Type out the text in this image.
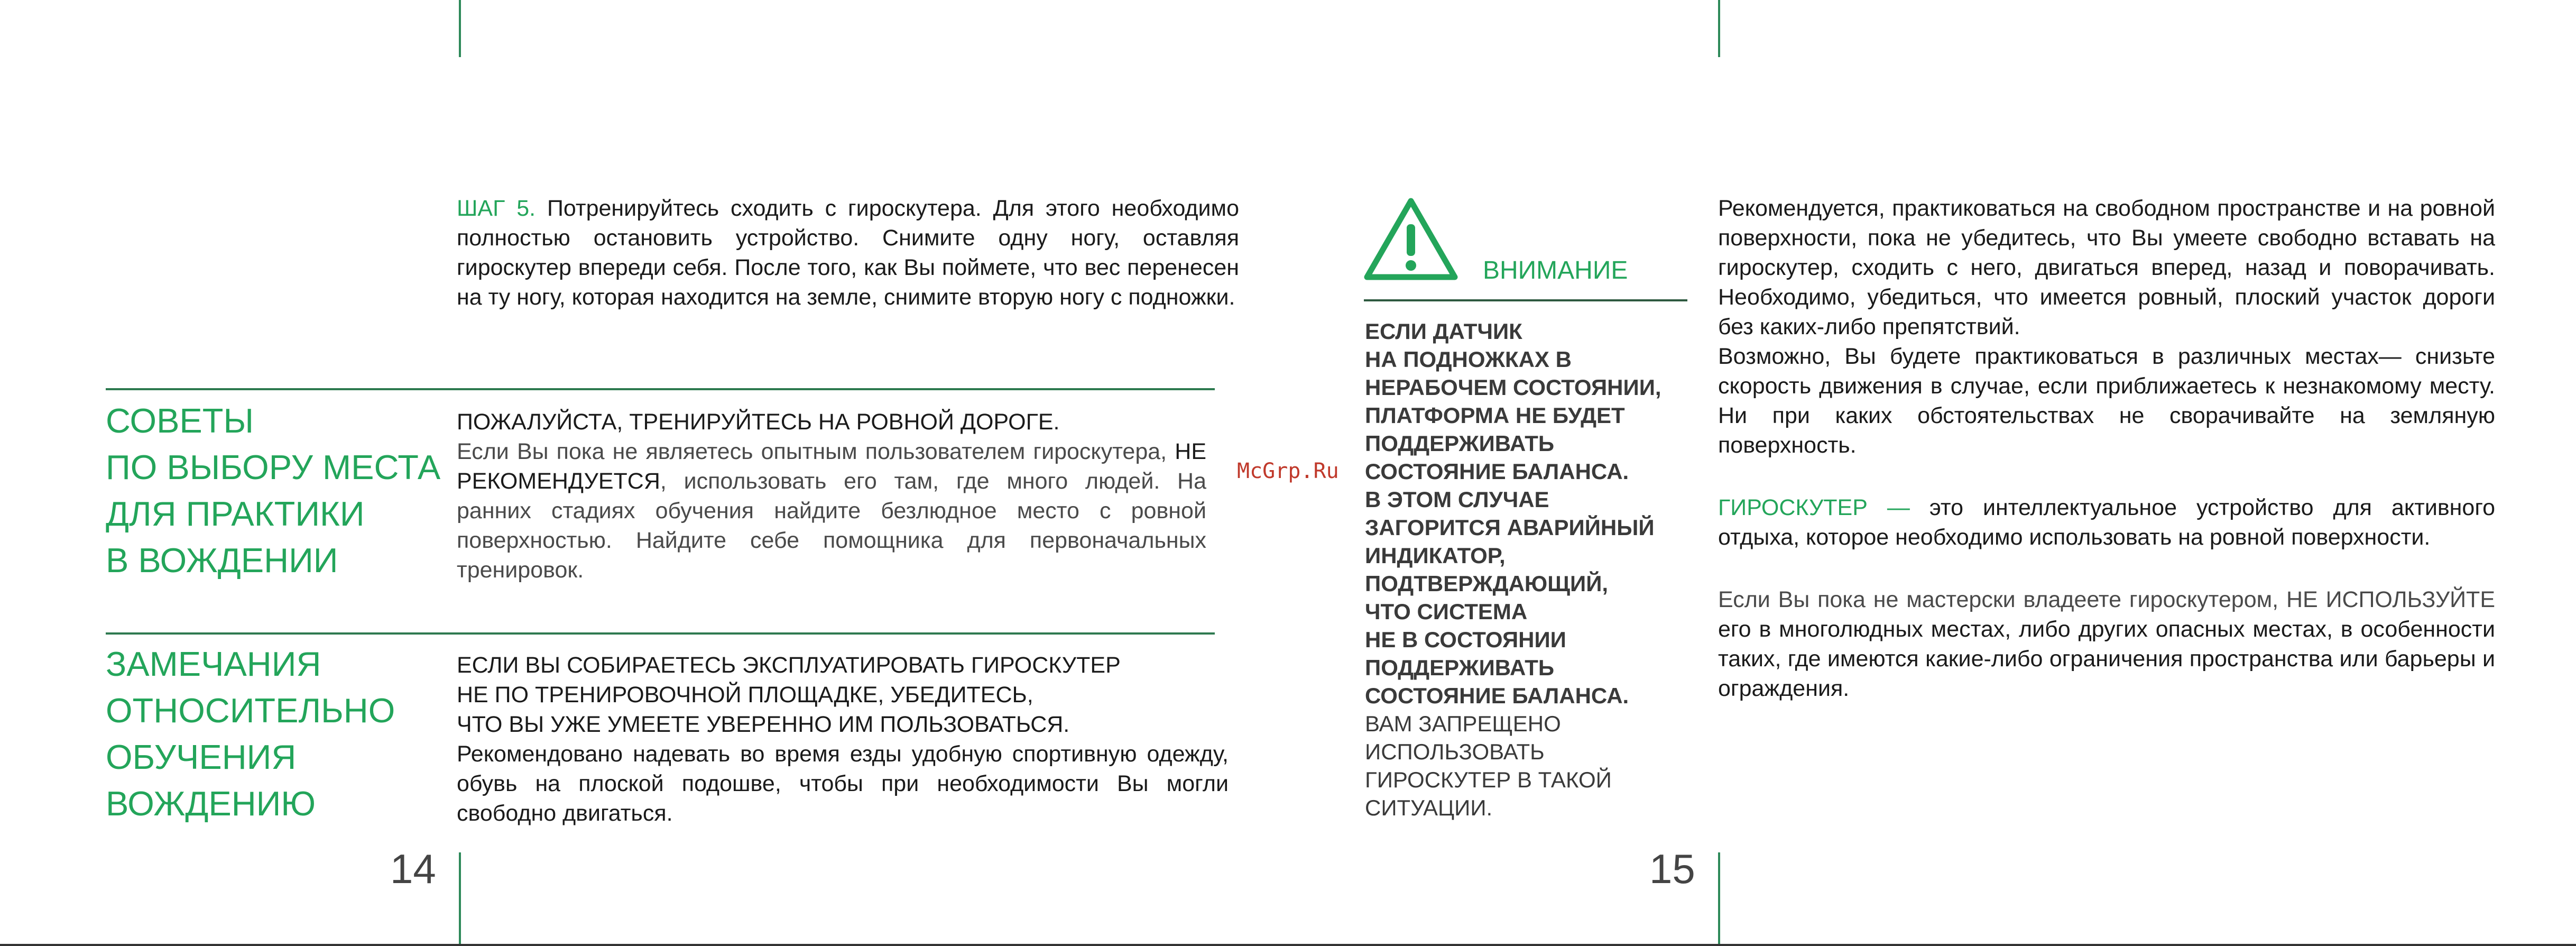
ШАГ 5. Потренируйтесь сходить с гироскутера. Для этого необходимо полностью остановить устройство. Снимите одну ногу, оставляя гироскутер впереди себя. После того, как Вы поймете, что вес перенесен на ту ногу, которая находится на земле, снимите вторую ногу с подножки.
СОВЕТЫ
ПО ВЫБОРУ МЕСТА
ДЛЯ ПРАКТИКИ
В ВОЖДЕНИИ
ПОЖАЛУЙСТА, ТРЕНИРУЙТЕСЬ НА РОВНОЙ ДОРОГЕ.
Если Вы пока не являетесь опытным пользователем гироскутера, НЕ РЕКОМЕНДУЕТСЯ, использовать его там, где много людей. На ранних стадиях обучения найдите безлюдное место с ровной поверхностью. Найдите себе помощника для первоначальных тренировок.
McGrp.Ru
ЗАМЕЧАНИЯ
ОТНОСИТЕЛЬНО
ОБУЧЕНИЯ
ВОЖДЕНИЮ
ЕСЛИ ВЫ СОБИРАЕТЕСЬ ЭКСПЛУАТИРОВАТЬ ГИРОСКУТЕР
НЕ ПО ТРЕНИРОВОЧНОЙ ПЛОЩАДКЕ, УБЕДИТЕСЬ,
ЧТО ВЫ УЖЕ УМЕЕТЕ УВЕРЕННО ИМ ПОЛЬЗОВАТЬСЯ.
Рекомендовано надевать во время езды удобную спортивную одежду, обувь на плоской подошве, чтобы при необходимости Вы могли свободно двигаться.
14	15
ВНИМАНИЕ
ЕСЛИ ДАТЧИК
НА ПОДНОЖКАХ В
НЕРАБОЧЕМ СОСТОЯНИИ,
ПЛАТФОРМА НЕ БУДЕТ
ПОДДЕРЖИВАТЬ
СОСТОЯНИЕ БАЛАНСА.
В ЭТОМ СЛУЧАЕ
ЗАГОРИТСЯ АВАРИЙНЫЙ
ИНДИКАТОР,
ПОДТВЕРЖДАЮЩИЙ,
ЧТО СИСТЕМА
НЕ В СОСТОЯНИИ
ПОДДЕРЖИВАТЬ
СОСТОЯНИЕ БАЛАНСА.
ВАМ ЗАПРЕЩЕНО
ИСПОЛЬЗОВАТЬ
ГИРОСКУТЕР В ТАКОЙ
СИТУАЦИИ.
Рекомендуется, практиковаться на свободном пространстве и на ровной поверхности, пока не убедитесь, что Вы умеете свободно вставать на гироскутер, сходить с него, двигаться вперед, назад и поворачивать. Необходимо, убедиться, что имеется ровный, плоский участок дороги без каких-либо препятствий.
Возможно, Вы будете практиковаться в различных местах— снизьте скорость движения в случае, если приближаетесь к незнакомому месту. Ни при каких обстоятельствах не сворачивайте на земляную поверхность.
ГИРОСКУТЕР — это интеллектуальное устройство для активного отдыха, которое необходимо использовать на ровной поверхности.
Если Вы пока не мастерски владеете гироскутером, НЕ ИСПОЛЬЗУЙТЕ его в многолюдных местах, либо других опасных местах, в особенности таких, где имеются какие-либо ограничения пространства или барьеры и ограждения.
